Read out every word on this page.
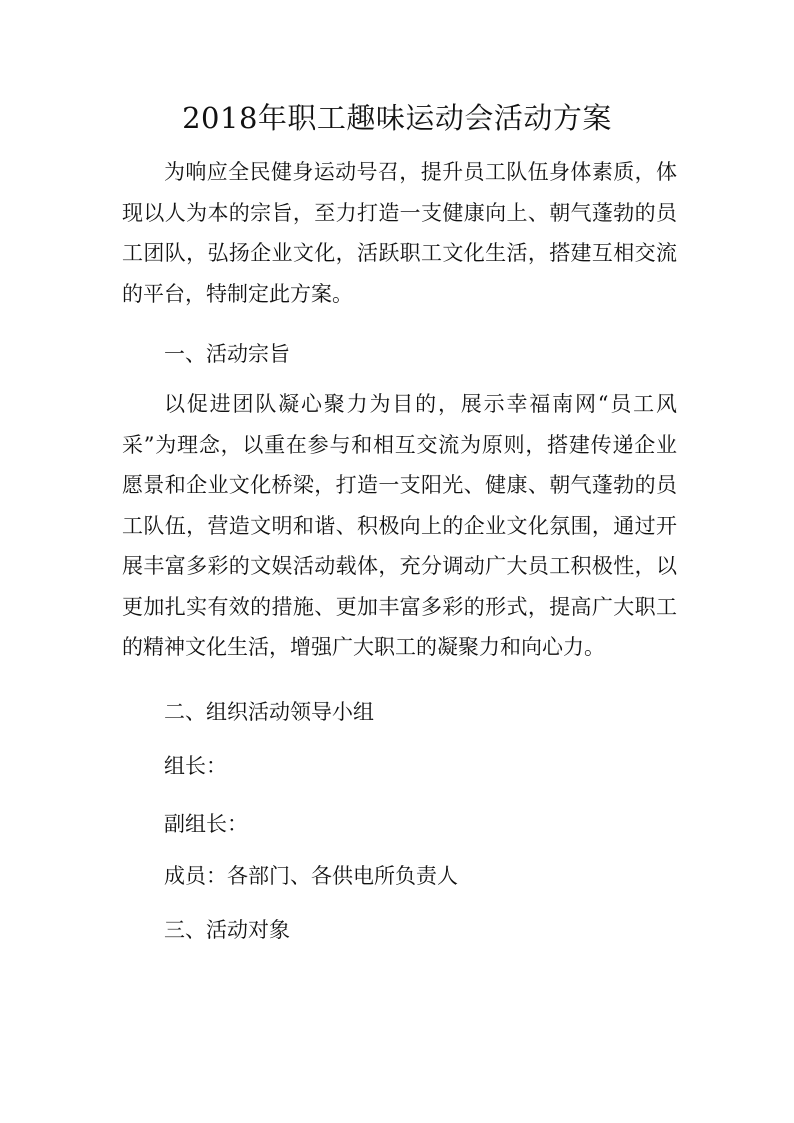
2018年职工趣味运动会活动方案

为响应全民健身运动号召，提升员工队伍身体素质，体现以人为本的宗旨，至力打造一支健康向上、朝气蓬勃的员工团队，弘扬企业文化，活跃职工文化生活，搭建互相交流的平台，特制定此方案。

一、活动宗旨

以促进团队凝心聚力为目的，展示幸福南网“员工风采”为理念，以重在参与和相互交流为原则，搭建传递企业愿景和企业文化桥梁，打造一支阳光、健康、朝气蓬勃的员工队伍，营造文明和谐、积极向上的企业文化氛围，通过开展丰富多彩的文娱活动载体，充分调动广大员工积极性，以更加扎实有效的措施、更加丰富多彩的形式，提高广大职工的精神文化生活，增强广大职工的凝聚力和向心力。

二、组织活动领导小组

组长：

副组长：

成员：各部门、各供电所负责人

三、活动对象
